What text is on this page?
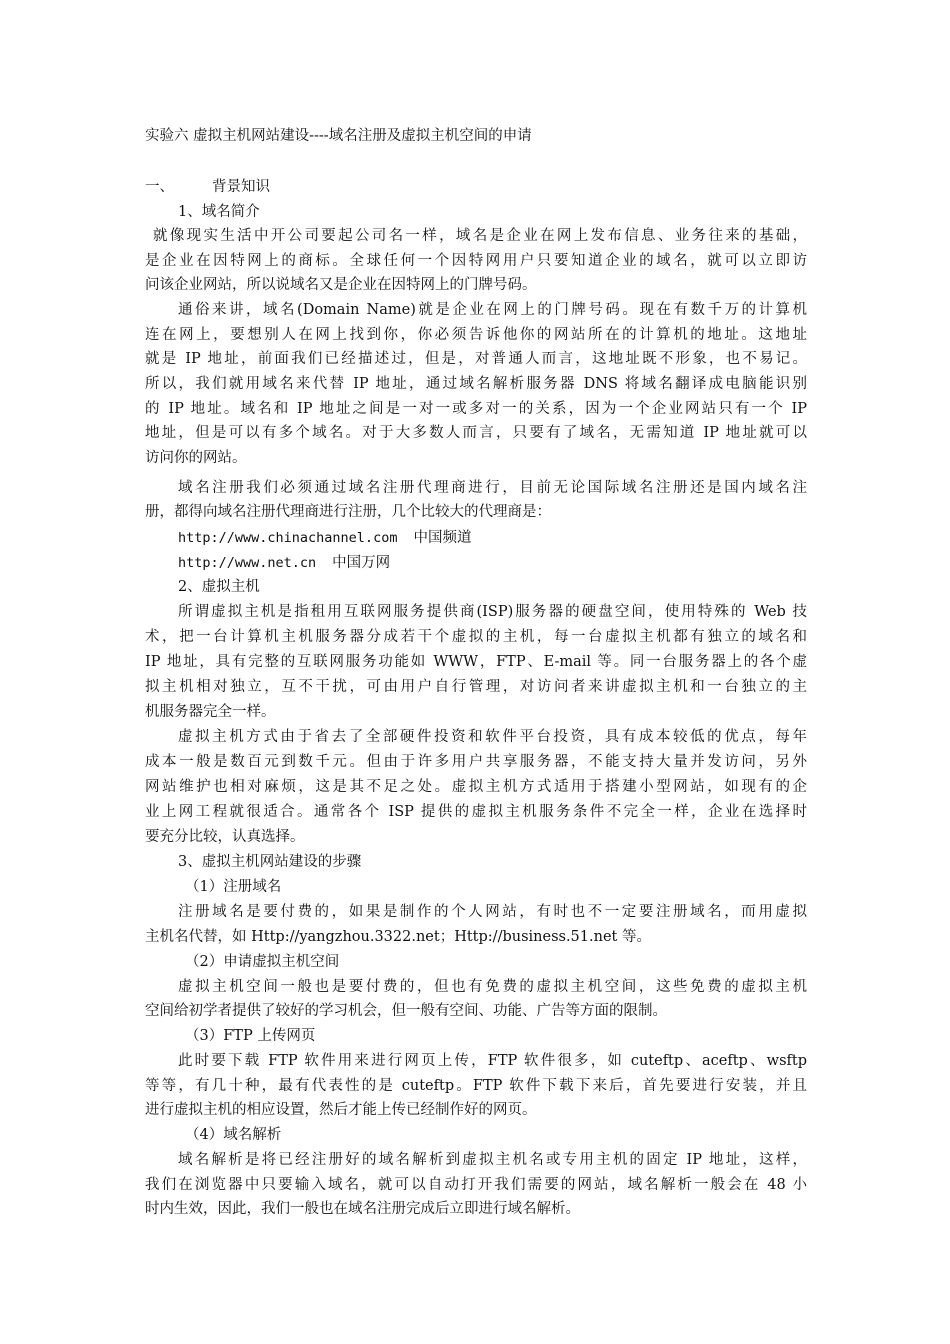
实验六 虚拟主机网站建设----域名注册及虚拟主机空间的申请
一、	背景知识
1、域名简介
就像现实生活中开公司要起公司名一样，域名是企业在网上发布信息、业务往来的基础，
是企业在因特网上的商标。全球任何一个因特网用户只要知道企业的域名，就可以立即访
问该企业网站，所以说域名又是企业在因特网上的门牌号码。
通俗来讲，域名(Domain Name)就是企业在网上的门牌号码。现在有数千万的计算机
连在网上，要想别人在网上找到你，你必须告诉他你的网站所在的计算机的地址。这地址
就是 IP 地址，前面我们已经描述过，但是，对普通人而言，这地址既不形象，也不易记。
所以，我们就用域名来代替 IP 地址，通过域名解析服务器 DNS 将域名翻译成电脑能识别
的 IP 地址。域名和 IP 地址之间是一对一或多对一的关系，因为一个企业网站只有一个 IP
地址，但是可以有多个域名。对于大多数人而言，只要有了域名，无需知道 IP 地址就可以
访问你的网站。
域名注册我们必须通过域名注册代理商进行，目前无论国际域名注册还是国内域名注
册，都得向域名注册代理商进行注册，几个比较大的代理商是：
http://www.chinachannel.com 中国频道
http://www.net.cn 中国万网
2、虚拟主机
所谓虚拟主机是指租用互联网服务提供商(ISP)服务器的硬盘空间，使用特殊的 Web 技
术，把一台计算机主机服务器分成若干个虚拟的主机，每一台虚拟主机都有独立的域名和
IP 地址，具有完整的互联网服务功能如 WWW，FTP、E-mail 等。同一台服务器上的各个虚
拟主机相对独立，互不干扰，可由用户自行管理，对访问者来讲虚拟主机和一台独立的主
机服务器完全一样。
虚拟主机方式由于省去了全部硬件投资和软件平台投资，具有成本较低的优点，每年
成本一般是数百元到数千元。但由于许多用户共享服务器，不能支持大量并发访问，另外
网站维护也相对麻烦，这是其不足之处。虚拟主机方式适用于搭建小型网站，如现有的企
业上网工程就很适合。通常各个 ISP 提供的虚拟主机服务条件不完全一样，企业在选择时
要充分比较，认真选择。
3、虚拟主机网站建设的步骤
（1）注册域名
注册域名是要付费的，如果是制作的个人网站，有时也不一定要注册域名，而用虚拟
主机名代替，如 Http://yangzhou.3322.net；Http://business.51.net 等。
（2）申请虚拟主机空间
虚拟主机空间一般也是要付费的，但也有免费的虚拟主机空间，这些免费的虚拟主机
空间给初学者提供了较好的学习机会，但一般有空间、功能、广告等方面的限制。
（3）FTP 上传网页
此时要下载 FTP 软件用来进行网页上传，FTP 软件很多，如 cuteftp、aceftp、wsftp
等等，有几十种，最有代表性的是 cuteftp。FTP 软件下载下来后，首先要进行安装，并且
进行虚拟主机的相应设置，然后才能上传已经制作好的网页。
（4）域名解析
域名解析是将已经注册好的域名解析到虚拟主机名或专用主机的固定 IP 地址，这样，
我们在浏览器中只要输入域名，就可以自动打开我们需要的网站，域名解析一般会在 48 小
时内生效，因此，我们一般也在域名注册完成后立即进行域名解析。
